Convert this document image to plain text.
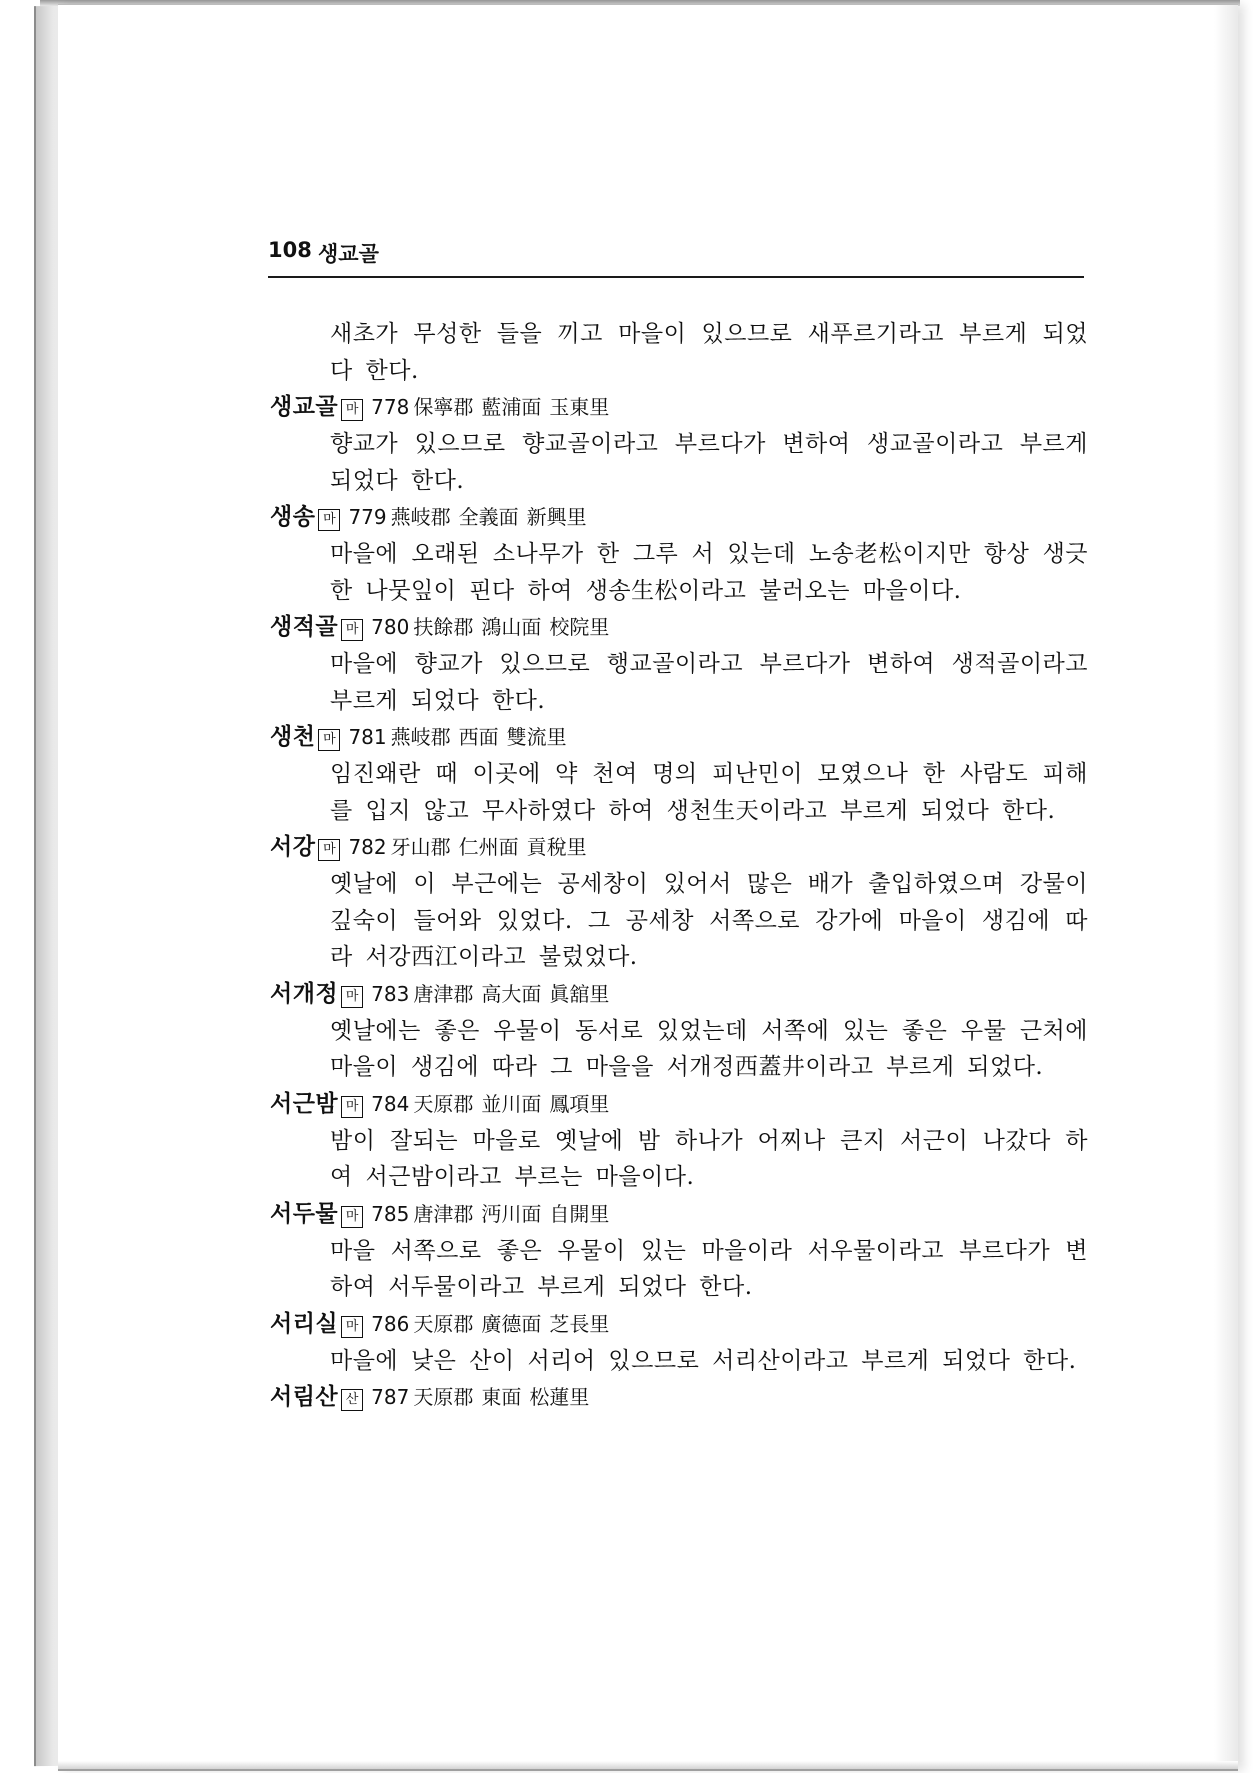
108 생교골

새초가 무성한 들을 끼고 마을이 있으므로 새푸르기라고 부르게 되었다 한다.

생교골 마 778 保寧郡 藍浦面 玉東里

향교가 있으므로 향교골이라고 부르다가 변하여 생교골이라고 부르게 되었다 한다.

생송 마 779 燕岐郡 全義面 新興里

마을에 오래된 소나무가 한 그루 서 있는데 노송老松이지만 항상 생긋한 나뭇잎이 핀다 하여 생송生松이라고 불러오는 마을이다.

생적골 마 780 扶餘郡 鴻山面 校院里

마을에 향교가 있으므로 행교골이라고 부르다가 변하여 생적골이라고 부르게 되었다 한다.

생천 마 781 燕岐郡 西面 雙流里

임진왜란 때 이곳에 약 천여 명의 피난민이 모였으나 한 사람도 피해를 입지 않고 무사하였다 하여 생천生天이라고 부르게 되었다 한다.

서강 마 782 牙山郡 仁州面 貢稅里

옛날에 이 부근에는 공세창이 있어서 많은 배가 출입하였으며 강물이 깊숙이 들어와 있었다. 그 공세창 서쪽으로 강가에 마을이 생김에 따라 서강西江이라고 불렀었다.

서개정 마 783 唐津郡 高大面 眞舘里

옛날에는 좋은 우물이 동서로 있었는데 서쪽에 있는 좋은 우물 근처에 마을이 생김에 따라 그 마을을 서개정西蓋井이라고 부르게 되었다.

서근밤 마 784 天原郡 並川面 鳳項里

밤이 잘되는 마을로 옛날에 밤 하나가 어찌나 큰지 서근이 나갔다 하여 서근밤이라고 부르는 마을이다.

서두물 마 785 唐津郡 沔川面 自開里

마을 서쪽으로 좋은 우물이 있는 마을이라 서우물이라고 부르다가 변하여 서두물이라고 부르게 되었다 한다.

서리실 마 786 天原郡 廣德面 芝長里

마을에 낮은 산이 서리어 있으므로 서리산이라고 부르게 되었다 한다.

서림산 산 787 天原郡 東面 松蓮里
